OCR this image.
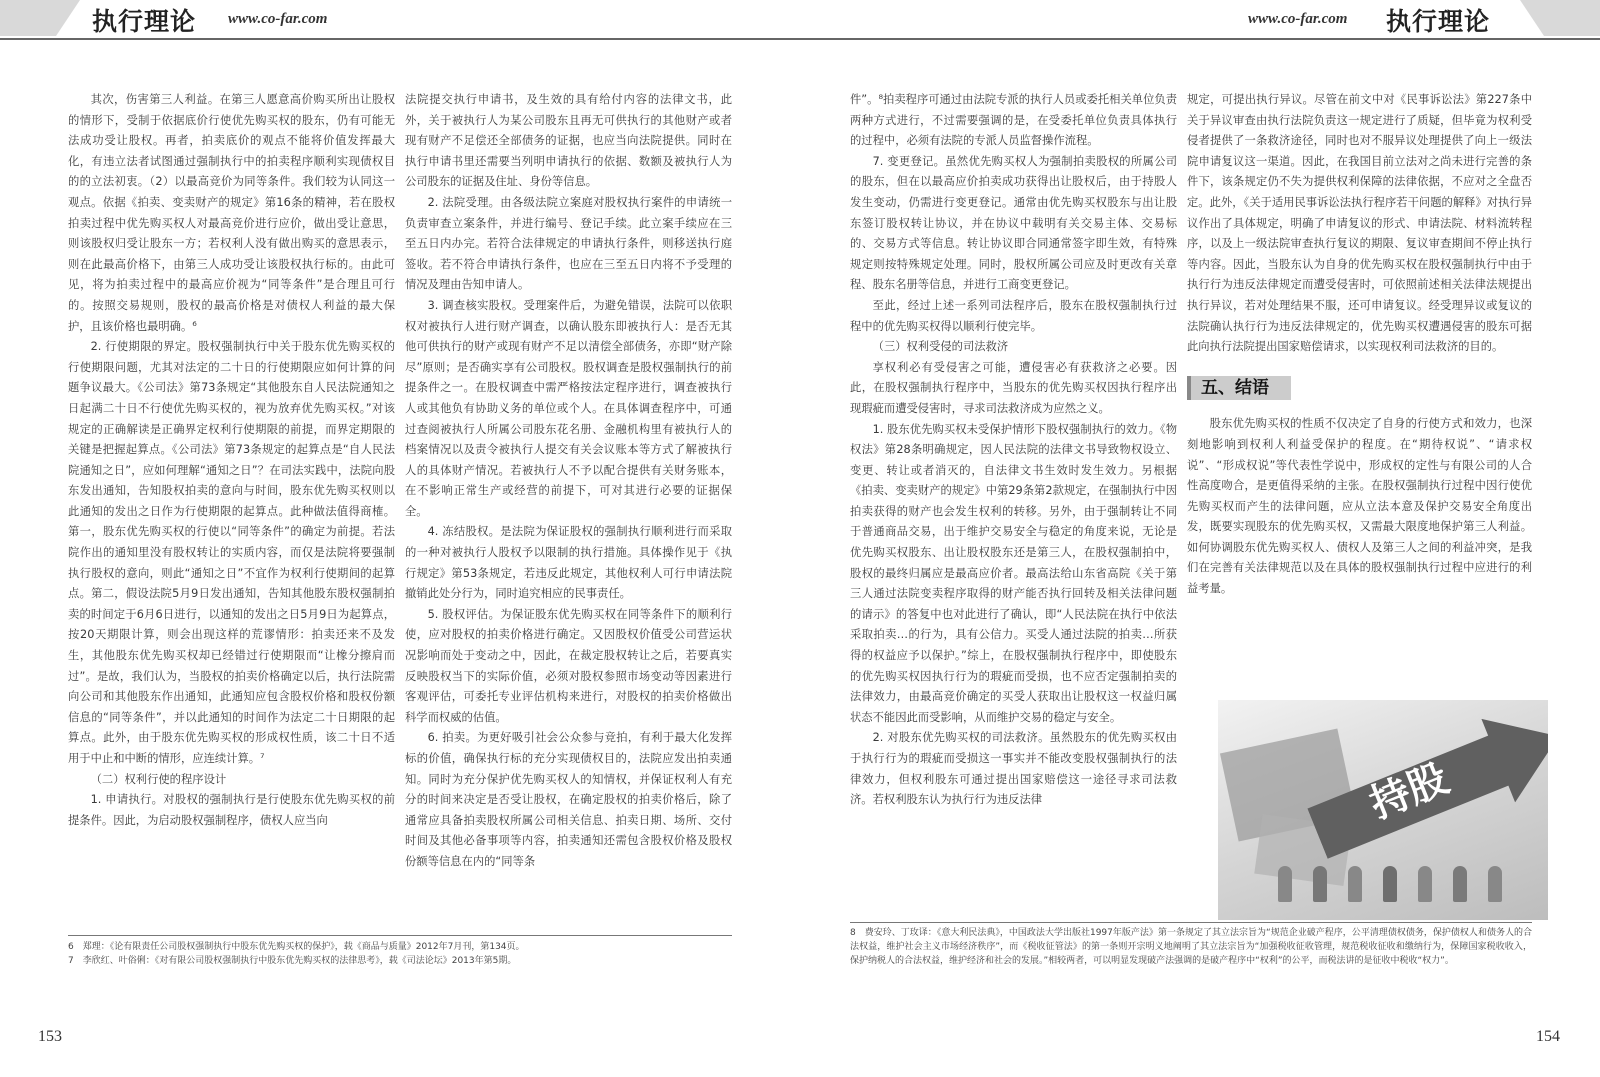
执行理论 www.co-far.com	www.co-far.com 执行理论

其次，伤害第三人利益。在第三人愿意高价购买所出让股权的情形下，受制于依据底价行使优先购买权的股东，仍有可能无法成功受让股权。再者，拍卖底价的观点不能将价值发挥最大化，有违立法者试图通过强制执行中的拍卖程序顺利实现债权目的的立法初衷。（2）以最高竞价为同等条件。我们较为认同这一观点。依据《拍卖、变卖财产的规定》第16条的精神，若在股权拍卖过程中优先购买权人对最高竞价进行应价，做出受让意思，则该股权归受让股东一方；若权利人没有做出购买的意思表示，则在此最高价格下，由第三人成功受让该股权执行标的。由此可见，将为拍卖过程中的最高应价视为“同等条件”是合理且可行的。按照交易规则，股权的最高价格是对债权人利益的最大保护，且该价格也最明确。⁶

2. 行使期限的界定。股权强制执行中关于股东优先购买权的行使期限问题，尤其对法定的二十日的行使期限应如何计算的问题争议最大。《公司法》第73条规定“其他股东自人民法院通知之日起满二十日不行使优先购买权的，视为放弃优先购买权。”对该规定的正确解读是正确界定权利行使期限的前提，而界定期限的关键是把握起算点。《公司法》第73条规定的起算点是“自人民法院通知之日”，应如何理解“通知之日”？在司法实践中，法院向股东发出通知，告知股权拍卖的意向与时间，股东优先购买权则以此通知的发出之日作为行使期限的起算点。此种做法值得商榷。第一，股东优先购买权的行使以“同等条件”的确定为前提。若法院作出的通知里没有股权转让的实质内容，而仅是法院将要强制执行股权的意向，则此“通知之日”不宜作为权利行使期间的起算点。第二，假设法院5月9日发出通知，告知其他股东股权强制拍卖的时间定于6月6日进行，以通知的发出之日5月9日为起算点，按20天期限计算，则会出现这样的荒谬情形：拍卖还来不及发生，其他股东优先购买权却已经错过行使期限而“让橡分擦肩而过”。是故，我们认为，当股权的拍卖价格确定以后，执行法院需向公司和其他股东作出通知，此通知应包含股权价格和股权份额信息的“同等条件”，并以此通知的时间作为法定二十日期限的起算点。此外，由于股东优先购买权的形成权性质，该二十日不适用于中止和中断的情形，应连续计算。⁷

（二）权利行使的程序设计

1. 申请执行。对股权的强制执行是行使股东优先购买权的前提条件。因此，为启动股权强制程序，债权人应当向

法院提交执行申请书，及生效的具有给付内容的法律文书，此外，关于被执行人为某公司股东且再无可供执行的其他财产或者现有财产不足偿还全部债务的证据，也应当向法院提供。同时在执行申请书里还需要当列明申请执行的依据、数额及被执行人为公司股东的证据及住址、身份等信息。

2. 法院受理。由各级法院立案庭对股权执行案件的申请统一负责审查立案条件，并进行编号、登记手续。此立案手续应在三至五日内办完。若符合法律规定的申请执行条件，则移送执行庭签收。若不符合申请执行条件，也应在三至五日内将不予受理的情况及理由告知申请人。

3. 调查核实股权。受理案件后，为避免错误，法院可以依职权对被执行人进行财产调查，以确认股东即被执行人：是否无其他可供执行的财产或现有财产不足以清偿全部债务，亦即“财产除尽”原则；是否确实享有公司股权。股权调查是股权强制执行的前提条件之一。在股权调查中需严格按法定程序进行，调查被执行人或其他负有协助义务的单位或个人。在具体调查程序中，可通过查阅被执行人所属公司股东花名册、金融机构里有被执行人的档案情况以及责令被执行人提交有关会议账本等方式了解被执行人的具体财产情况。若被执行人不予以配合提供有关财务账本，在不影响正常生产或经营的前提下，可对其进行必要的证据保全。

4. 冻结股权。是法院为保证股权的强制执行顺利进行而采取的一种对被执行人股权予以限制的执行措施。具体操作见于《执行规定》第53条规定，若违反此规定，其他权利人可行申请法院撤销此处分行为，同时追究相应的民事责任。

5. 股权评估。为保证股东优先购买权在同等条件下的顺利行使，应对股权的拍卖价格进行确定。又因股权价值受公司营运状况影响而处于变动之中，因此，在裁定股权转让之后，若要真实反映股权当下的实际价值，必须对股权参照市场变动等因素进行客观评估，可委托专业评估机构来进行，对股权的拍卖价格做出科学而权威的估值。

6. 拍卖。为更好吸引社会公众参与竞拍，有利于最大化发挥标的价值，确保执行标的充分实现债权目的，法院应发出拍卖通知。同时为充分保护优先购买权人的知情权，并保证权利人有充分的时间来决定是否受让股权，在确定股权的拍卖价格后，除了通常应具备拍卖股权所属公司相关信息、拍卖日期、场所、交付时间及其他必备事项等内容，拍卖通知还需包含股权价格及股权份额等信息在内的“同等条

6　郑理：《论有限责任公司股权强制执行中股东优先购买权的保护》，载《商品与质量》2012年7月刊，第134页。
7　李欣红、叶俗俐：《对有限公司股权强制执行中股东优先购买权的法律思考》，载《司法论坛》2013年第5期。
153

件”。⁸拍卖程序可通过由法院专派的执行人员或委托相关单位负责两种方式进行，不过需要强调的是，在受委托单位负责具体执行的过程中，必须有法院的专派人员监督操作流程。

7. 变更登记。虽然优先购买权人为强制拍卖股权的所属公司的股东，但在以最高应价拍卖成功获得出让股权后，由于持股人发生变动，仍需进行变更登记。通常由优先购买权股东与出让股东签订股权转让协议，并在协议中载明有关交易主体、交易标的、交易方式等信息。转让协议即合同通常签字即生效，有特殊规定则按特殊规定处理。同时，股权所属公司应及时更改有关章程、股东名册等信息，并进行工商变更登记。

至此，经过上述一系列司法程序后，股东在股权强制执行过程中的优先购买权得以顺利行使完毕。

（三）权利受侵的司法救济

享权利必有受侵害之可能，遭侵害必有获救济之必要。因此，在股权强制执行程序中，当股东的优先购买权因执行程序出现瑕疵而遭受侵害时，寻求司法救济成为应然之义。

1. 股东优先购买权未受保护情形下股权强制执行的效力。《物权法》第28条明确规定，因人民法院的法律文书导致物权设立、变更、转让或者消灭的，自法律文书生效时发生效力。另根据《拍卖、变卖财产的规定》中第29条第2款规定，在强制执行中因拍卖获得的财产也会发生权利的转移。另外，由于强制转让不同于普通商品交易，出于维护交易安全与稳定的角度来说，无论是优先购买权股东、出让股权股东还是第三人，在股权强制拍中，股权的最终归属应是最高应价者。最高法给山东省高院《关于第三人通过法院变卖程序取得的财产能否执行回转及相关法律问题的请示》的答复中也对此进行了确认，即“人民法院在执行中依法采取拍卖…的行为，具有公信力。买受人通过法院的拍卖…所获得的权益应予以保护。”综上，在股权强制执行程序中，即使股东的优先购买权因执行行为的瑕疵而受损，也不应否定强制拍卖的法律效力，由最高竞价确定的买受人获取出让股权这一权益归属状态不能因此而受影响，从而维护交易的稳定与安全。

2. 对股东优先购买权的司法救济。虽然股东的优先购买权由于执行行为的瑕疵而受损这一事实并不能改变股权强制执行的法律效力，但权利股东可通过提出国家赔偿这一途径寻求司法救济。若权利股东认为执行行为违反法律

规定，可提出执行异议。尽管在前文中对《民事诉讼法》第227条中关于异议审查由执行法院负责这一规定进行了质疑，但毕竟为权利受侵者提供了一条救济途径，同时也对不服异议处理提供了向上一级法院申请复议这一渠道。因此，在我国目前立法对之尚未进行完善的条件下，该条规定仍不失为提供权利保障的法律依据，不应对之全盘否定。此外，《关于适用民事诉讼法执行程序若干问题的解释》对执行异议作出了具体规定，明确了申请复议的形式、申请法院、材料流转程序，以及上一级法院审查执行复议的期限、复议审查期间不停止执行等内容。因此，当股东认为自身的优先购买权在股权强制执行中由于执行行为违反法律规定而遭受侵害时，可依照前述相关法律法规提出执行异议，若对处理结果不服，还可申请复议。经受理异议或复议的法院确认执行行为违反法律规定的，优先购买权遭遇侵害的股东可据此向执行法院提出国家赔偿请求，以实现权利司法救济的目的。

五、结语

股东优先购买权的性质不仅决定了自身的行使方式和效力，也深刻地影响到权利人利益受保护的程度。在“期待权说”、“请求权说”、“形成权说”等代表性学说中，形成权的定性与有限公司的人合性高度吻合，是更值得采纳的主张。在股权强制执行过程中因行使优先购买权而产生的法律问题，应从立法本意及保护交易安全角度出发，既要实现股东的优先购买权，又需最大限度地保护第三人利益。如何协调股东优先购买权人、债权人及第三人之间的利益冲突，是我们在完善有关法律规范以及在具体的股权强制执行过程中应进行的利益考量。

持股
8　费安玲、丁玫译：《意大利民法典》，中国政法大学出版社1997年版产法》第一条规定了其立法宗旨为“规范企业破产程序，公平清理债权债务，保护债权人和债务人的合法权益，维护社会主义市场经济秩序”，而《税收征管法》的第一条则开宗明义地阐明了其立法宗旨为“加强税收征收管理，规范税收征收和缴纳行为，保障国家税收收入，保护纳税人的合法权益，维护经济和社会的发展。”相较两者，可以明显发现破产法强调的是破产程序中“权利”的公平，而税法讲的是征收中税收“权力”。
154
